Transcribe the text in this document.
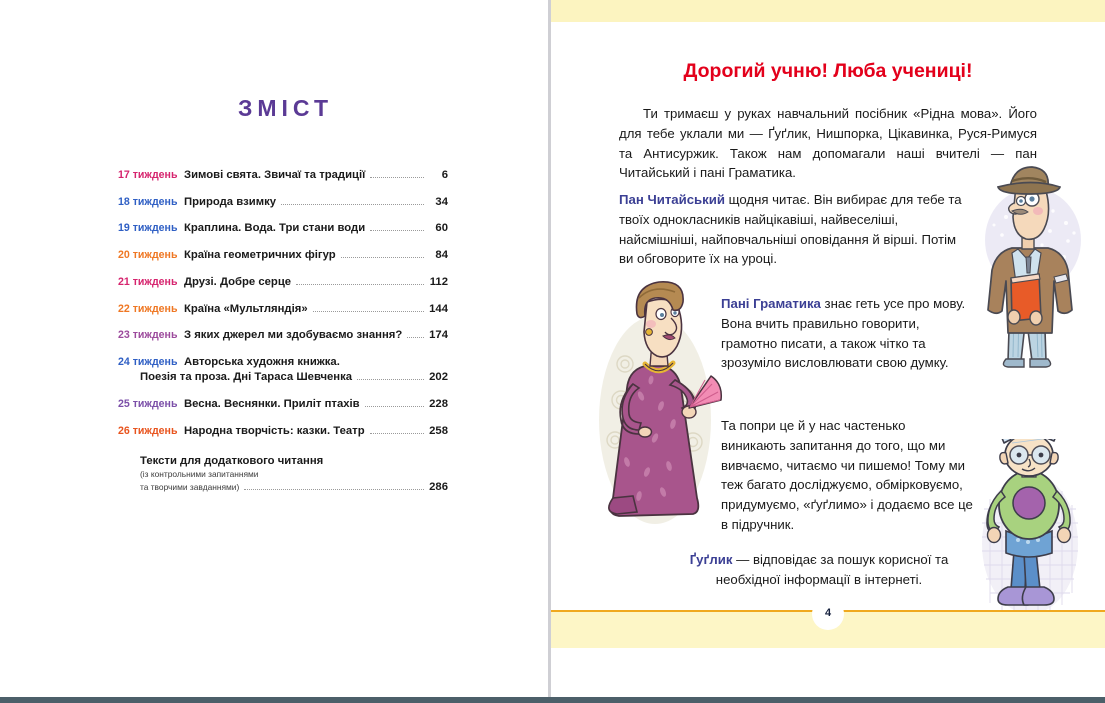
ЗМІСТ
17 тиждень Зимові свята. Звичаї та традиції	6
18 тиждень Природа взимку	34
19 тиждень Краплина. Вода. Три стани води	60
20 тиждень Країна геометричних фігур	84
21 тиждень Друзі. Добре серце	112
22 тиждень Країна «Мультляндія»	144
23 тиждень З яких джерел ми здобуваємо знання? 174
24 тиждень Авторська художня книжка.
Поезія та проза. Дні Тараса Шевченка	202
25 тиждень Весна. Веснянки. Приліт птахів	228
26 тиждень Народна творчість: казки. Театр	258
Тексти для додаткового читання
(із контрольними запитаннями
та творчими завданнями)	286
Дорогий учню! Люба учениці!
Ти тримаєш у руках навчальний посібник «Рідна мова». Його для тебе уклали ми — Ґуґлик, Нишпорка, Цікавинка, Руся-Римуся та Антисуржик. Також нам допомагали наші вчителі — пан Читайський і пані Граматика.
Пан Читайський щодня читає. Він вибирає для тебе та твоїх однокласників найцікавіші, найвеселіші, найсмішніші, найповчальніші оповідання й вірші. Потім ви обговорите їх на уроці.
Пані Граматика знає геть усе про мову. Вона вчить правильно говорити, грамотно писати, а також чітко та зрозуміло висловлювати свою думку.
Та попри це й у нас частенько виникають запитання до того, що ми вивчаємо, читаємо чи пишемо! Тому ми теж багато досліджуємо, обмірковуємо, придумуємо, «ґуґлимо» і додаємо все це в підручник.
Ґуґлик — відповідає за пошук корисної та необхідної інформації в інтернеті.
4
